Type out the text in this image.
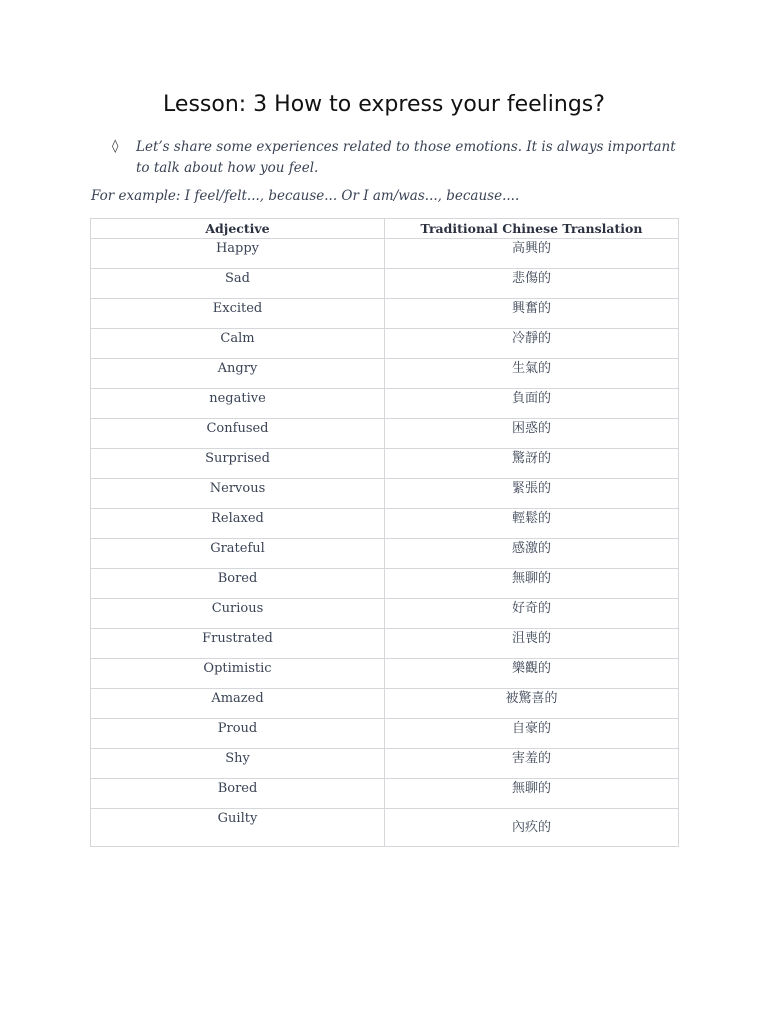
Lesson: 3 How to express your feelings?
◊ Let’s share some experiences related to those emotions. It is always important to talk about how you feel.
For example: I feel/felt..., because... Or I am/was..., because....
Adjective	Traditional Chinese Translation
Happy	高興的
Sad	悲傷的
Excited	興奮的
Calm	冷靜的
Angry	生氣的
negative	負面的
Confused	困惑的
Surprised	驚訝的
Nervous	緊張的
Relaxed	輕鬆的
Grateful	感激的
Bored	無聊的
Curious	好奇的
Frustrated	沮喪的
Optimistic	樂觀的
Amazed	被驚喜的
Proud	自豪的
Shy	害羞的
Bored	無聊的
Guilty	內疚的
